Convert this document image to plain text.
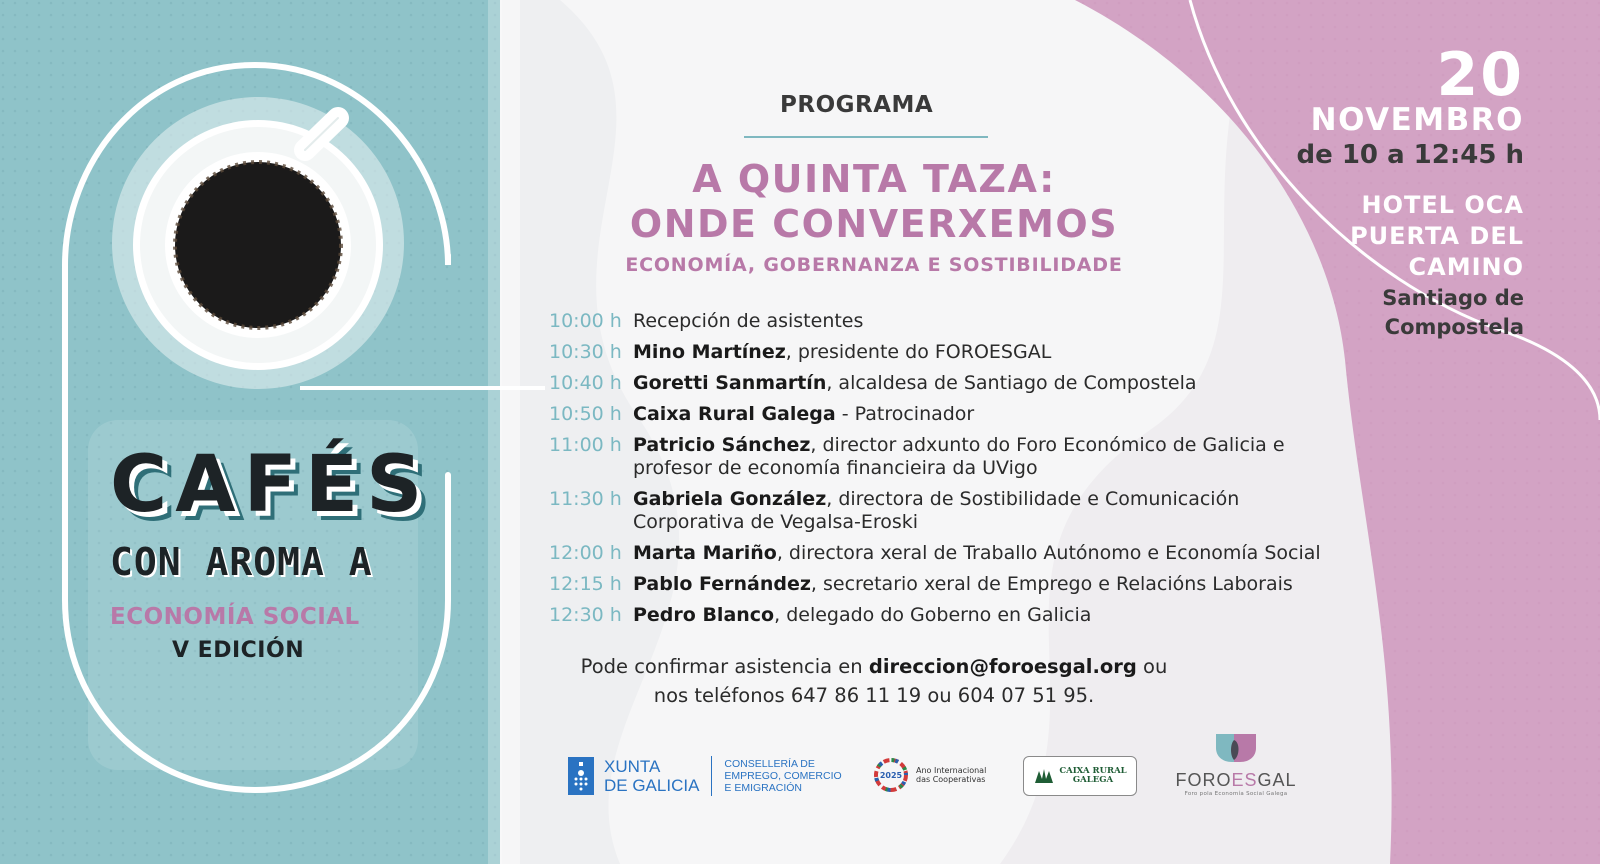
CAFÉS
CON AROMA A
ECONOMÍA SOCIAL
V EDICIÓN
PROGRAMA
A QUINTA TAZA:
ONDE CONVERXEMOS
ECONOMÍA, GOBERNANZA E SOSTIBILIDADE
10:00 h Recepción de asistentes
10:30 h Mino Martínez, presidente do FOROESGAL
10:40 h Goretti Sanmartín, alcaldesa de Santiago de Compostela
10:50 h Caixa Rural Galega - Patrocinador
11:00 h Patricio Sánchez, director adxunto do Foro Económico de Galicia e profesor de economía financieira da UVigo
11:30 h Gabriela González, directora de Sostibilidade e Comunicación Corporativa de Vegalsa-Eroski
12:00 h Marta Mariño, directora xeral de Traballo Autónomo e Economía Social
12:15 h Pablo Fernández, secretario xeral de Emprego e Relacións Laborais
12:30 h Pedro Blanco, delegado do Goberno en Galicia
Pode confirmar asistencia en direccion@foroesgal.org ou
nos teléfonos 647 86 11 19 ou 604 07 51 95.
20
NOVEMBRO
de 10 a 12:45 h
HOTEL OCA
PUERTA DEL
CAMINO
Santiago de
Compostela
XUNTA
DE GALICIA
CONSELLERÍA DE
EMPREGO, COMERCIO
E EMIGRACIÓN
2025
Ano Internacional
das Cooperativas
CAIXA RURAL
GALEGA	FOROESGAL
Foro pola Economía Social Galega
